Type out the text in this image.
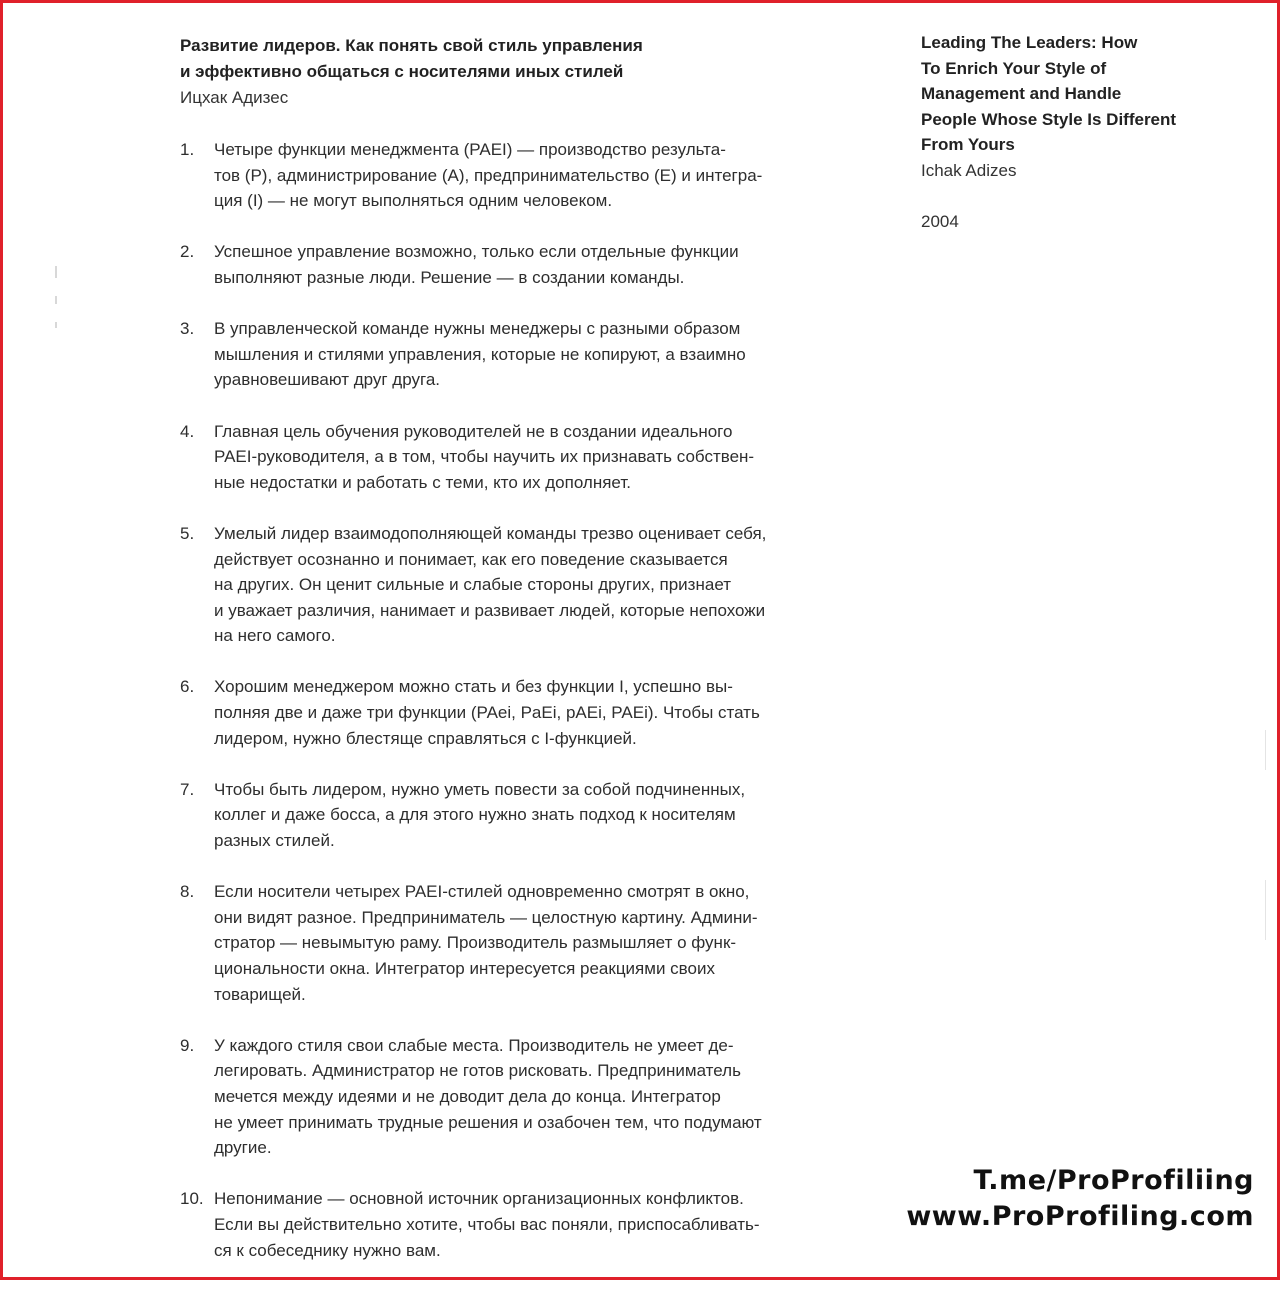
Развитие лидеров. Как понять свой стиль управления
и эффективно общаться с носителями иных стилей
Ицхак Адизес
1.	Четыре функции менеджмента (PAEI) — производство результа-
тов (P), администрирование (A), предпринимательство (E) и интегра-
ция (I) — не могут выполняться одним человеком.
2.	Успешное управление возможно, только если отдельные функции
выполняют разные люди. Решение — в создании команды.
3.	В управленческой команде нужны менеджеры с разными образом
мышления и стилями управления, которые не копируют, а взаимно
уравновешивают друг друга.
4.	Главная цель обучения руководителей не в создании идеального
PAEI-руководителя, а в том, чтобы научить их признавать собствен-
ные недостатки и работать с теми, кто их дополняет.
5.	Умелый лидер взаимодополняющей команды трезво оценивает себя,
действует осознанно и понимает, как его поведение сказывается
на других. Он ценит сильные и слабые стороны других, признает
и уважает различия, нанимает и развивает людей, которые непохожи
на него самого.
6.	Хорошим менеджером можно стать и без функции I, успешно вы-
полняя две и даже три функции (PAei, PaEi, pAEi, PAEi). Чтобы стать
лидером, нужно блестяще справляться с I-функцией.
7.	Чтобы быть лидером, нужно уметь повести за собой подчиненных,
коллег и даже босса, а для этого нужно знать подход к носителям
разных стилей.
8.	Если носители четырех PAEI-стилей одновременно смотрят в окно,
они видят разное. Предприниматель — целостную картину. Админи-
стратор — невымытую раму. Производитель размышляет о функ-
циональности окна. Интегратор интересуется реакциями своих
товарищей.
9.	У каждого стиля свои слабые места. Производитель не умеет де-
легировать. Администратор не готов рисковать. Предприниматель
мечется между идеями и не доводит дела до конца. Интегратор
не умеет принимать трудные решения и озабочен тем, что подумают
другие.
10. Непонимание — основной источник организационных конфликтов.
Если вы действительно хотите, чтобы вас поняли, приспосабливать-
ся к собеседнику нужно вам.
Leading The Leaders: How
To Enrich Your Style of
Management and Handle
People Whose Style Is Different
From Yours
Ichak Adizes
2004
T.me/ProProfiliing
www.ProProfiling.com
